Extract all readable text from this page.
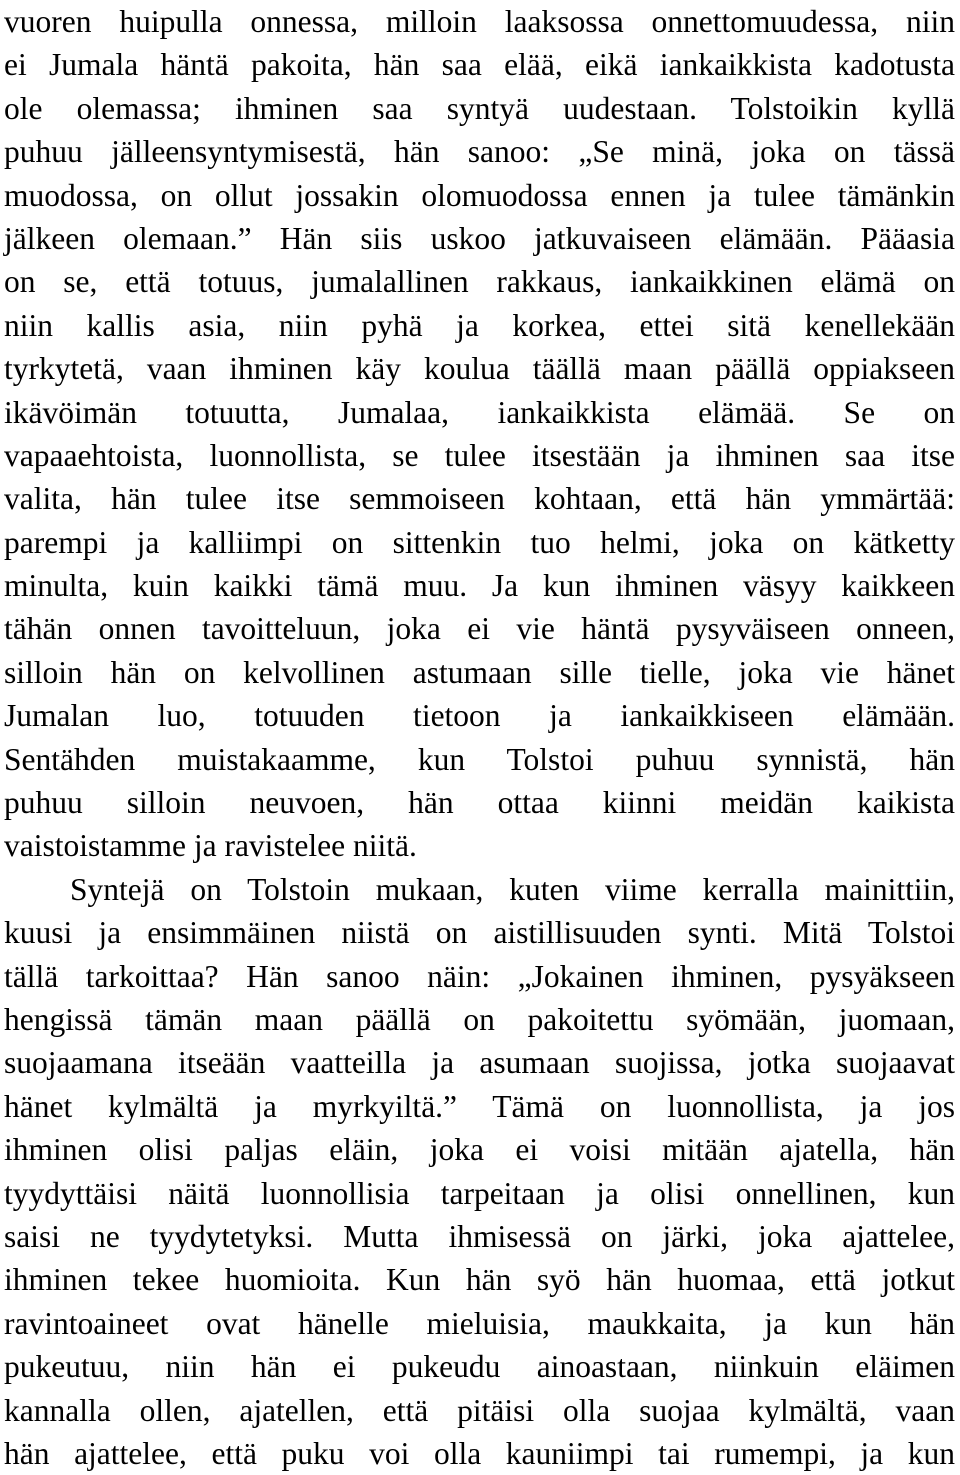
vuoren huipulla onnessa, milloin laaksossa onnettomuudessa, niin
ei Jumala häntä pakoita, hän saa elää, eikä iankaikkista kadotusta
ole olemassa; ihminen saa syntyä uudestaan. Tolstoikin kyllä
puhuu jälleensyntymisestä, hän sanoo: „Se minä, joka on tässä
muodossa, on ollut jossakin olomuodossa ennen ja tulee tämänkin
jälkeen olemaan.” Hän siis uskoo jatkuvaiseen elämään. Pääasia
on se, että totuus, jumalallinen rakkaus, iankaikkinen elämä on
niin kallis asia, niin pyhä ja korkea, ettei sitä kenellekään
tyrkytetä, vaan ihminen käy koulua täällä maan päällä oppiakseen
ikävöimän totuutta, Jumalaa, iankaikkista elämää. Se on
vapaaehtoista, luonnollista, se tulee itsestään ja ihminen saa itse
valita, hän tulee itse semmoiseen kohtaan, että hän ymmärtää:
parempi ja kalliimpi on sittenkin tuo helmi, joka on kätketty
minulta, kuin kaikki tämä muu. Ja kun ihminen väsyy kaikkeen
tähän onnen tavoitteluun, joka ei vie häntä pysyväiseen onneen,
silloin hän on kelvollinen astumaan sille tielle, joka vie hänet
Jumalan luo, totuuden tietoon ja iankaikkiseen elämään.
Sentähden muistakaamme, kun Tolstoi puhuu synnistä, hän
puhuu silloin neuvoen, hän ottaa kiinni meidän kaikista
vaistoistamme ja ravistelee niitä.
Syntejä on Tolstoin mukaan, kuten viime kerralla mainittiin,
kuusi ja ensimmäinen niistä on aistillisuuden synti. Mitä Tolstoi
tällä tarkoittaa? Hän sanoo näin: „Jokainen ihminen, pysyäkseen
hengissä tämän maan päällä on pakoitettu syömään, juomaan,
suojaamana itseään vaatteilla ja asumaan suojissa, jotka suojaavat
hänet kylmältä ja myrkyiltä.” Tämä on luonnollista, ja jos
ihminen olisi paljas eläin, joka ei voisi mitään ajatella, hän
tyydyttäisi näitä luonnollisia tarpeitaan ja olisi onnellinen, kun
saisi ne tyydytetyksi. Mutta ihmisessä on järki, joka ajattelee,
ihminen tekee huomioita. Kun hän syö hän huomaa, että jotkut
ravintoaineet ovat hänelle mieluisia, maukkaita, ja kun hän
pukeutuu, niin hän ei pukeudu ainoastaan, niinkuin eläimen
kannalla ollen, ajatellen, että pitäisi olla suojaa kylmältä, vaan
hän ajattelee, että puku voi olla kauniimpi tai rumempi, ja kun
